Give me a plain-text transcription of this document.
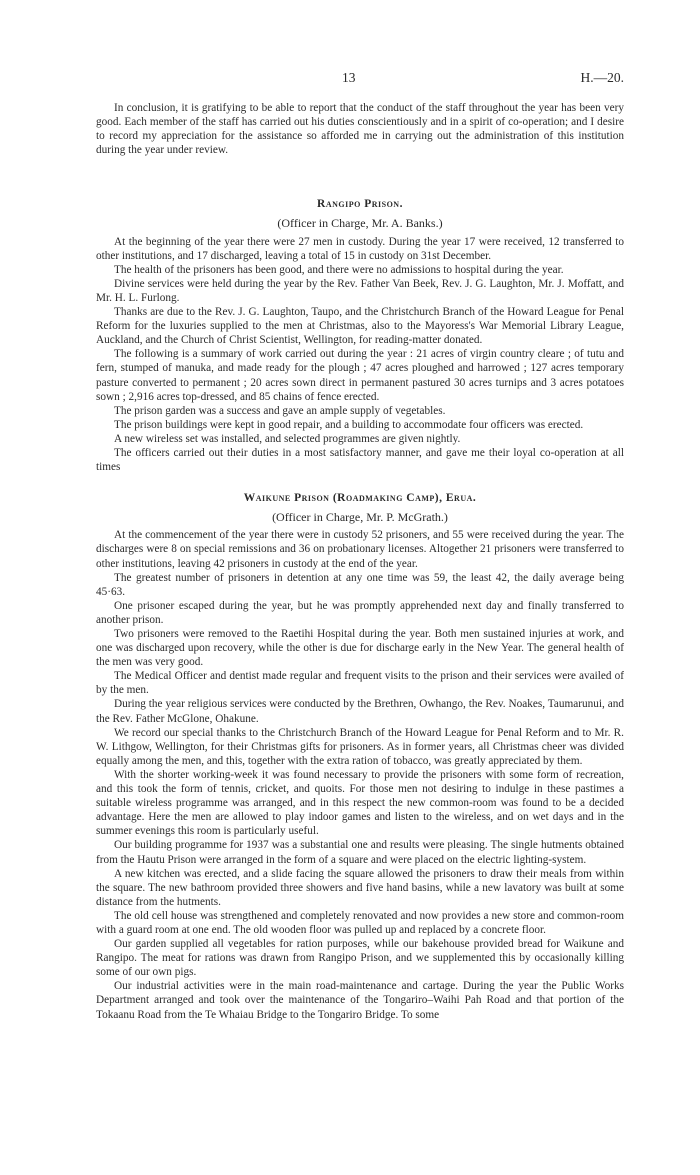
13	H.—20.

In conclusion, it is gratifying to be able to report that the conduct of the staff throughout the year has been very good. Each member of the staff has carried out his duties conscientiously and in a spirit of co-operation; and I desire to record my appreciation for the assistance so afforded me in carrying out the administration of this institution during the year under review.

Rangipo Prison.
(Officer in Charge, Mr. A. Banks.)

At the beginning of the year there were 27 men in custody. During the year 17 were received, 12 transferred to other institutions, and 17 discharged, leaving a total of 15 in custody on 31st December.

The health of the prisoners has been good, and there were no admissions to hospital during the year.

Divine services were held during the year by the Rev. Father Van Beek, Rev. J. G. Laughton, Mr. J. Moffatt, and Mr. H. L. Furlong.

Thanks are due to the Rev. J. G. Laughton, Taupo, and the Christchurch Branch of the Howard League for Penal Reform for the luxuries supplied to the men at Christmas, also to the Mayoress's War Memorial Library League, Auckland, and the Church of Christ Scientist, Wellington, for reading-matter donated.

The following is a summary of work carried out during the year : 21 acres of virgin country cleare ; of tutu and fern, stumped of manuka, and made ready for the plough ; 47 acres ploughed and harrowed ; 127 acres temporary pasture converted to permanent ; 20 acres sown direct in permanent pastured 30 acres turnips and 3 acres potatoes sown ; 2,916 acres top-dressed, and 85 chains of fence erected.

The prison garden was a success and gave an ample supply of vegetables.

The prison buildings were kept in good repair, and a building to accommodate four officers was erected.

A new wireless set was installed, and selected programmes are given nightly.

The officers carried out their duties in a most satisfactory manner, and gave me their loyal co-operation at all times

Waikune Prison (Roadmaking Camp), Erua.
(Officer in Charge, Mr. P. McGrath.)

At the commencement of the year there were in custody 52 prisoners, and 55 were received during the year. The discharges were 8 on special remissions and 36 on probationary licenses. Altogether 21 prisoners were transferred to other institutions, leaving 42 prisoners in custody at the end of the year.

The greatest number of prisoners in detention at any one time was 59, the least 42, the daily average being 45·63.

One prisoner escaped during the year, but he was promptly apprehended next day and finally transferred to another prison.

Two prisoners were removed to the Raetihi Hospital during the year. Both men sustained injuries at work, and one was discharged upon recovery, while the other is due for discharge early in the New Year. The general health of the men was very good.

The Medical Officer and dentist made regular and frequent visits to the prison and their services were availed of by the men.

During the year religious services were conducted by the Brethren, Owhango, the Rev. Noakes, Taumarunui, and the Rev. Father McGlone, Ohakune.

We record our special thanks to the Christchurch Branch of the Howard League for Penal Reform and to Mr. R. W. Lithgow, Wellington, for their Christmas gifts for prisoners. As in former years, all Christmas cheer was divided equally among the men, and this, together with the extra ration of tobacco, was greatly appreciated by them.

With the shorter working-week it was found necessary to provide the prisoners with some form of recreation, and this took the form of tennis, cricket, and quoits. For those men not desiring to indulge in these pastimes a suitable wireless programme was arranged, and in this respect the new common-room was found to be a decided advantage. Here the men are allowed to play indoor games and listen to the wireless, and on wet days and in the summer evenings this room is particularly useful.

Our building programme for 1937 was a substantial one and results were pleasing. The single hutments obtained from the Hautu Prison were arranged in the form of a square and were placed on the electric lighting-system.

A new kitchen was erected, and a slide facing the square allowed the prisoners to draw their meals from within the square. The new bathroom provided three showers and five hand basins, while a new lavatory was built at some distance from the hutments.

The old cell house was strengthened and completely renovated and now provides a new store and common-room with a guard room at one end. The old wooden floor was pulled up and replaced by a concrete floor.

Our garden supplied all vegetables for ration purposes, while our bakehouse provided bread for Waikune and Rangipo. The meat for rations was drawn from Rangipo Prison, and we supplemented this by occasionally killing some of our own pigs.

Our industrial activities were in the main road-maintenance and cartage. During the year the Public Works Department arranged and took over the maintenance of the Tongariro–Waihi Pah Road and that portion of the Tokaanu Road from the Te Whaiau Bridge to the Tongariro Bridge. To some
